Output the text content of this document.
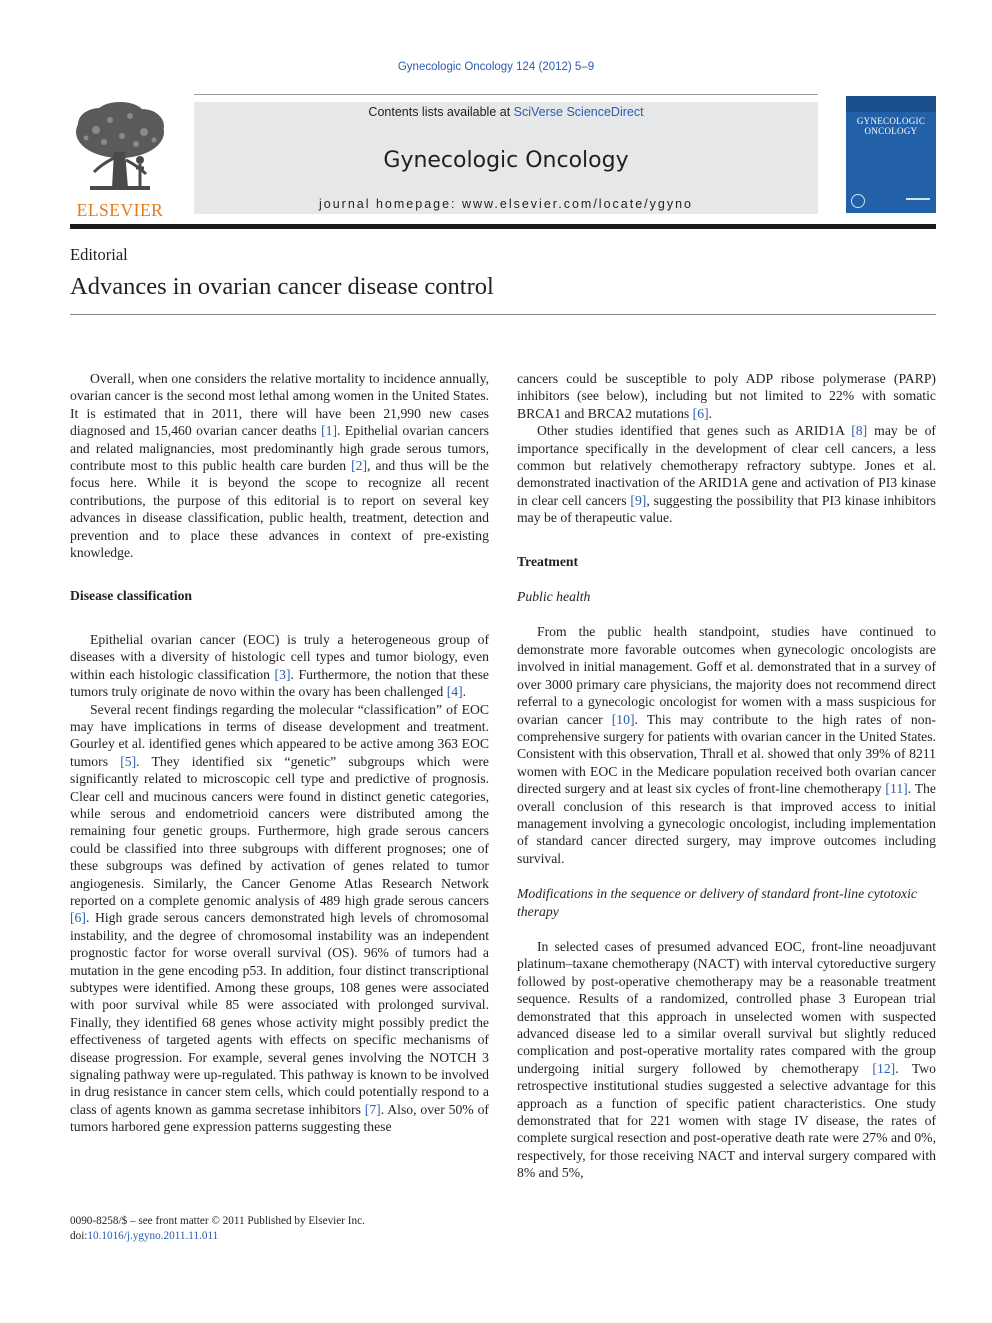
Gynecologic Oncology 124 (2012) 5–9
ELSEVIER
Contents lists available at SciVerse ScienceDirect
Gynecologic Oncology
journal homepage: www.elsevier.com/locate/ygyno
GYNECOLOGIC ONCOLOGY
Editorial
Advances in ovarian cancer disease control

Overall, when one considers the relative mortality to incidence annually, ovarian cancer is the second most lethal among women in the United States. It is estimated that in 2011, there will have been 21,990 new cases diagnosed and 15,460 ovarian cancer deaths [1]. Epithelial ovarian cancers and related malignancies, most predominantly high grade serous tumors, contribute most to this public health care burden [2], and thus will be the focus here. While it is beyond the scope to recognize all recent contributions, the purpose of this editorial is to report on several key advances in disease classification, public health, treatment, detection and prevention and to place these advances in context of pre-existing knowledge.

Disease classification

Epithelial ovarian cancer (EOC) is truly a heterogeneous group of diseases with a diversity of histologic cell types and tumor biology, even within each histologic classification [3]. Furthermore, the notion that these tumors truly originate de novo within the ovary has been challenged [4].

Several recent findings regarding the molecular “classification” of EOC may have implications in terms of disease development and treatment. Gourley et al. identified genes which appeared to be active among 363 EOC tumors [5]. They identified six “genetic” subgroups which were significantly related to microscopic cell type and predictive of prognosis. Clear cell and mucinous cancers were found in distinct genetic categories, while serous and endometrioid cancers were distributed among the remaining four genetic groups. Furthermore, high grade serous cancers could be classified into three subgroups with different prognoses; one of these subgroups was defined by activation of genes related to tumor angiogenesis. Similarly, the Cancer Genome Atlas Research Network reported on a complete genomic analysis of 489 high grade serous cancers [6]. High grade serous cancers demonstrated high levels of chromosomal instability, and the degree of chromosomal instability was an independent prognostic factor for worse overall survival (OS). 96% of tumors had a mutation in the gene encoding p53. In addition, four distinct transcriptional subtypes were identified. Among these groups, 108 genes were associated with poor survival while 85 were associated with prolonged survival. Finally, they identified 68 genes whose activity might possibly predict the effectiveness of targeted agents with effects on specific mechanisms of disease progression. For example, several genes involving the NOTCH 3 signaling pathway were up-regulated. This pathway is known to be involved in drug resistance in cancer stem cells, which could potentially respond to a class of agents known as gamma secretase inhibitors [7]. Also, over 50% of tumors harbored gene expression patterns suggesting these

cancers could be susceptible to poly ADP ribose polymerase (PARP) inhibitors (see below), including but not limited to 22% with somatic BRCA1 and BRCA2 mutations [6].

Other studies identified that genes such as ARID1A [8] may be of importance specifically in the development of clear cell cancers, a less common but relatively chemotherapy refractory subtype. Jones et al. demonstrated inactivation of the ARID1A gene and activation of PI3 kinase in clear cell cancers [9], suggesting the possibility that PI3 kinase inhibitors may be of therapeutic value.

Treatment
Public health

From the public health standpoint, studies have continued to demonstrate more favorable outcomes when gynecologic oncologists are involved in initial management. Goff et al. demonstrated that in a survey of over 3000 primary care physicians, the majority does not recommend direct referral to a gynecologic oncologist for women with a mass suspicious for ovarian cancer [10]. This may contribute to the high rates of non-comprehensive surgery for patients with ovarian cancer in the United States. Consistent with this observation, Thrall et al. showed that only 39% of 8211 women with EOC in the Medicare population received both ovarian cancer directed surgery and at least six cycles of front-line chemotherapy [11]. The overall conclusion of this research is that improved access to initial management involving a gynecologic oncologist, including implementation of standard cancer directed surgery, may improve outcomes including survival.

Modifications in the sequence or delivery of standard front-line cytotoxic therapy

In selected cases of presumed advanced EOC, front-line neoadjuvant platinum–taxane chemotherapy (NACT) with interval cytoreductive surgery followed by post-operative chemotherapy may be a reasonable treatment sequence. Results of a randomized, controlled phase 3 European trial demonstrated that this approach in unselected women with suspected advanced disease led to a similar overall survival but slightly reduced complication and post-operative mortality rates compared with the group undergoing initial surgery followed by chemotherapy [12]. Two retrospective institutional studies suggested a selective advantage for this approach as a function of specific patient characteristics. One study demonstrated that for 221 women with stage IV disease, the rates of complete surgical resection and post-operative death rate were 27% and 0%, respectively, for those receiving NACT and interval surgery compared with 8% and 5%,

0090-8258/$ – see front matter © 2011 Published by Elsevier Inc.
doi:10.1016/j.ygyno.2011.11.011
